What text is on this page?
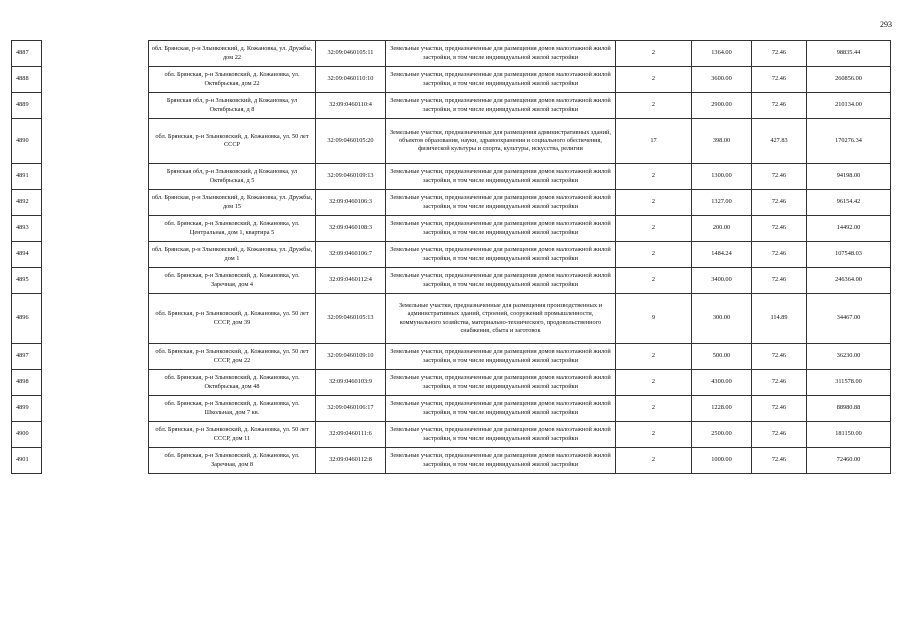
293
4887		обл. Брянская, р-н Злынковский, д. Кожановка, ул. Дружбы, дом 22	32:09:0460105:11	Земельные участки, предназначенные для размещения домов малоэтажной жилой застройки, в том числе индивидуальной жилой застройки	2	1364.00	72.46	98835.44
4888		обл. Брянская, р-н Злынковский, д. Кожановка, ул. Октябрьская, дом 22	32:09:0460110:10	Земельные участки, предназначенные для размещения домов малоэтажной жилой застройки, в том числе индивидуальной жилой застройки	2	3600.00	72.46	260856.00
4889		Брянская обл, р-н Злынковский, д Кожановка, ул Октябрьская, д 8	32:09:0460110:4	Земельные участки, предназначенные для размещения домов малоэтажной жилой застройки, в том числе индивидуальной жилой застройки	2	2900.00	72.46	210134.00
4890		обл. Брянская, р-н Злынковский, д. Кожановка, ул. 50 лет СССР	32:09:0460105:20	Земельные участки, предназначенные для размещения административных зданий, объектов образования, науки, здравоохранения и социального обеспечения, физической культуры и спорта, культуры, искусства, религии	17	398.00	427.83	170276.34
4891		Брянская обл, р-н Злынковский, д Кожановка, ул Октябрьская, д 5	32:09:0460109:13	Земельные участки, предназначенные для размещения домов малоэтажной жилой застройки, в том числе индивидуальной жилой застройки	2	1300.00	72.46	94198.00
4892		обл. Брянская, р-н Злынковский, д. Кожановка, ул. Дружбы, дом 15	32:09:0460106:3	Земельные участки, предназначенные для размещения домов малоэтажной жилой застройки, в том числе индивидуальной жилой застройки	2	1327.00	72.46	96154.42
4893		обл. Брянская, р-н Злынковский, д. Кожановка, ул. Центральная, дом 1, квартира 5	32:09:0460108:3	Земельные участки, предназначенные для размещения домов малоэтажной жилой застройки, в том числе индивидуальной жилой застройки	2	200.00	72.46	14492.00
4894		обл. Брянская, р-н Злынковский, д. Кожановка, ул. Дружбы, дом 1	32:09:0460106:7	Земельные участки, предназначенные для размещения домов малоэтажной жилой застройки, в том числе индивидуальной жилой застройки	2	1484.24	72.46	107548.03
4895		обл. Брянская, р-н Злынковский, д. Кожановка, ул. Заречная, дом 4	32:09:0460112:4	Земельные участки, предназначенные для размещения домов малоэтажной жилой застройки, в том числе индивидуальной жилой застройки	2	3400.00	72.46	246364.00
4896		обл. Брянская, р-н Злынковский, д. Кожановка, ул. 50 лет СССР, дом 39	32:09:0460105:13	Земельные участки, предназначенные для размещения производственных и административных зданий, строений, сооружений промышленности, коммунального хозяйства, материально-технического, продовольственного снабжения, сбыта и заготовок	9	300.00	114.89	34467.00
4897		обл. Брянская, р-н Злынковский, д. Кожановка, ул. 50 лет СССР, дом 22	32:09:0460109:10	Земельные участки, предназначенные для размещения домов малоэтажной жилой застройки, в том числе индивидуальной жилой застройки	2	500.00	72.46	36230.00
4898		обл. Брянская, р-н Злынковский, д. Кожановка, ул. Октябрьская, дом 48	32:09:0460103:9	Земельные участки, предназначенные для размещения домов малоэтажной жилой застройки, в том числе индивидуальной жилой застройки	2	4300.00	72.46	311578.00
4899		обл. Брянская, р-н Злынковский, д. Кожановка, ул. Школьная, дом 7 кв.	32:09:0460106:17	Земельные участки, предназначенные для размещения домов малоэтажной жилой застройки, в том числе индивидуальной жилой застройки	2	1228.00	72.46	88980.88
4900		обл. Брянская, р-н Злынковский, д. Кожановка, ул. 50 лет СССР, дом 11	32:09:0460111:6	Земельные участки, предназначенные для размещения домов малоэтажной жилой застройки, в том числе индивидуальной жилой застройки	2	2500.00	72.46	181150.00
4901		обл. Брянская, р-н Злынковский, д. Кожановка, ул. Заречная, дом 8	32:09:0460112:8	Земельные участки, предназначенные для размещения домов малоэтажной жилой застройки, в том числе индивидуальной жилой застройки	2	1000.00	72.46	72460.00
